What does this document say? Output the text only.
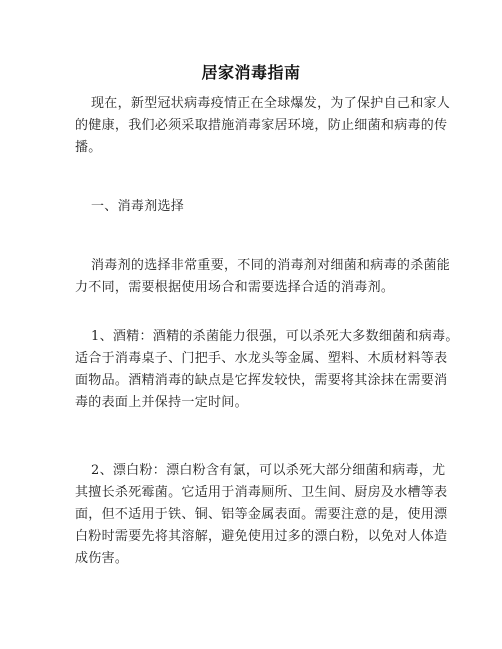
居家消毒指南
现在，新型冠状病毒疫情正在全球爆发，为了保护自己和家人
的健康，我们必须采取措施消毒家居环境，防止细菌和病毒的传
播。
一、消毒剂选择
消毒剂的选择非常重要，不同的消毒剂对细菌和病毒的杀菌能
力不同，需要根据使用场合和需要选择合适的消毒剂。
1、酒精：酒精的杀菌能力很强，可以杀死大多数细菌和病毒。
适合于消毒桌子、门把手、水龙头等金属、塑料、木质材料等表
面物品。酒精消毒的缺点是它挥发较快，需要将其涂抹在需要消
毒的表面上并保持一定时间。
2、漂白粉：漂白粉含有氯，可以杀死大部分细菌和病毒，尤
其擅长杀死霉菌。它适用于消毒厕所、卫生间、厨房及水槽等表
面，但不适用于铁、铜、铝等金属表面。需要注意的是，使用漂
白粉时需要先将其溶解，避免使用过多的漂白粉，以免对人体造
成伤害。
